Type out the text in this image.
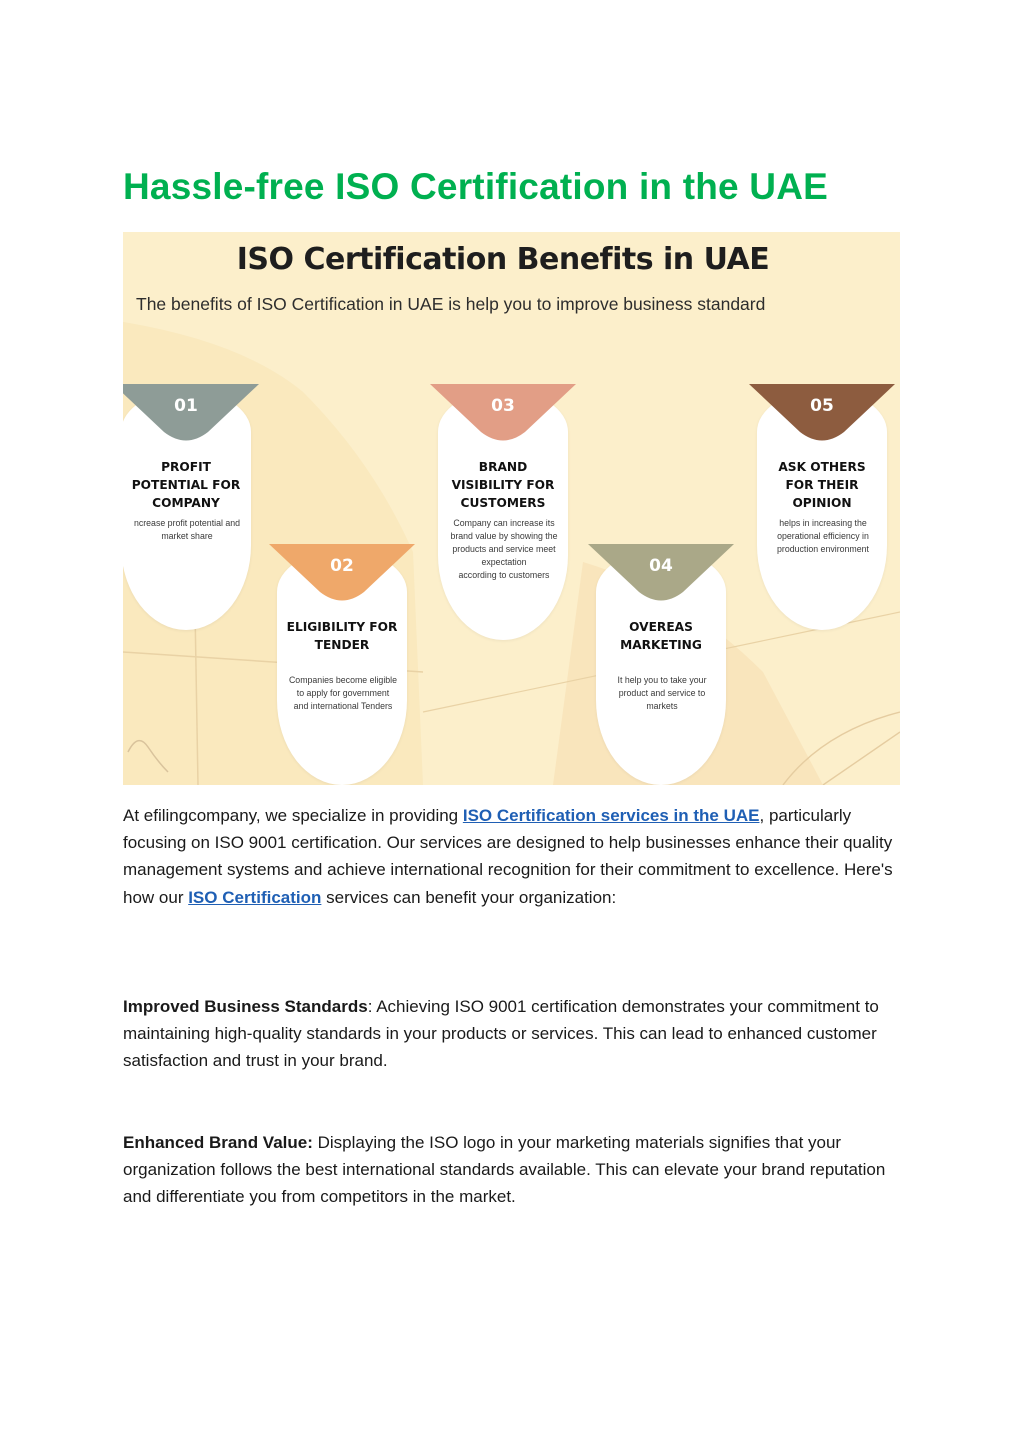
Hassle-free ISO Certification in the UAE
ISO Certification Benefits in UAE
The benefits of ISO Certification in UAE is help you to improve business standard
01
PROFIT
POTENTIAL FOR
COMPANY
ncrease profit potential and
market share
02
ELIGIBILITY FOR
TENDER
Companies become eligible
to apply for government
and international Tenders
03
BRAND
VISIBILITY FOR
CUSTOMERS
Company can increase its
brand value by showing the
products and service meet
expectation
according to customers	04
OVEREAS
MARKETING
It help you to take your
product and service to
markets
05
ASK OTHERS
FOR THEIR
OPINION
helps in increasing the
operational efficiency in
production environment

At efilingcompany, we specialize in providing ISO Certification services in the UAE, particularly focusing on ISO 9001 certification. Our services are designed to help businesses enhance their quality management systems and achieve international recognition for their commitment to excellence. Here's how our ISO Certification services can benefit your organization:

Improved Business Standards: Achieving ISO 9001 certification demonstrates your commitment to maintaining high-quality standards in your products or services. This can lead to enhanced customer satisfaction and trust in your brand.

Enhanced Brand Value: Displaying the ISO logo in your marketing materials signifies that your organization follows the best international standards available. This can elevate your brand reputation and differentiate you from competitors in the market.
